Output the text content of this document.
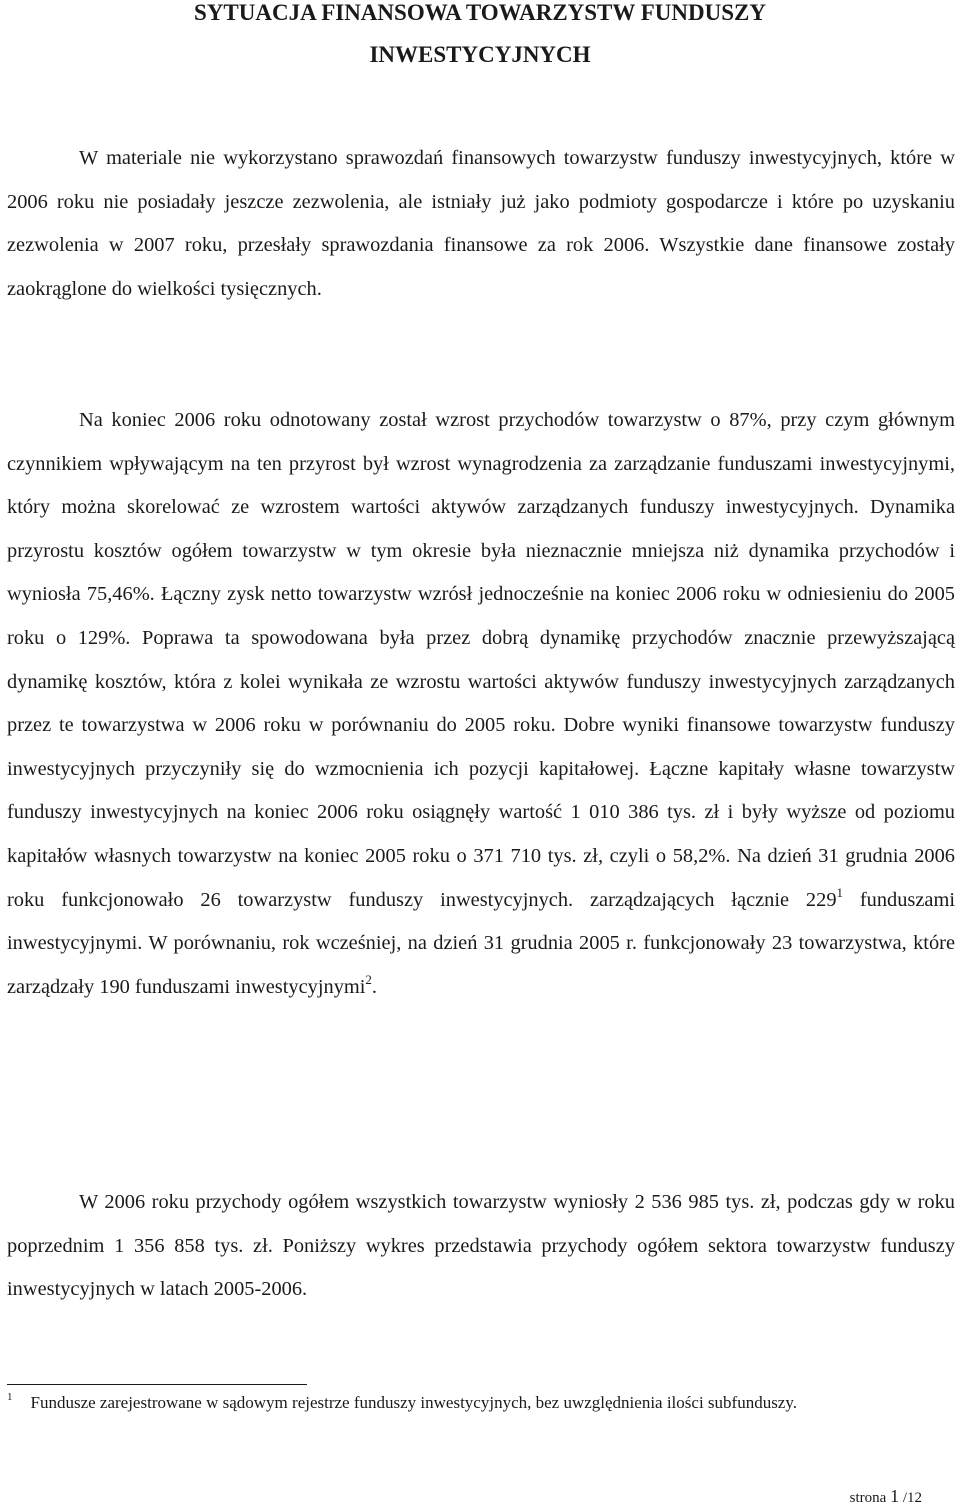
SYTUACJA FINANSOWA TOWARZYSTW FUNDUSZY
INWESTYCYJNYCH

W materiale nie wykorzystano sprawozdań finansowych towarzystw funduszy inwestycyjnych, które w 2006 roku nie posiadały jeszcze zezwolenia, ale istniały już jako podmioty gospodarcze i które po uzyskaniu zezwolenia w 2007 roku, przesłały sprawozdania finansowe za rok 2006. Wszystkie dane finansowe zostały zaokrąglone do wielkości tysięcznych.

Na koniec 2006 roku odnotowany został wzrost przychodów towarzystw o 87%, przy czym głównym czynnikiem wpływającym na ten przyrost był wzrost wynagrodzenia za zarządzanie funduszami inwestycyjnymi, który można skorelować ze wzrostem wartości aktywów zarządzanych funduszy inwestycyjnych. Dynamika przyrostu kosztów ogółem towarzystw w tym okresie była nieznacznie mniejsza niż dynamika przychodów i wyniosła 75,46%. Łączny zysk netto towarzystw wzrósł jednocześnie na koniec 2006 roku w odniesieniu do 2005 roku o 129%. Poprawa ta spowodowana była przez dobrą dynamikę przychodów znacznie przewyższającą dynamikę kosztów, która z kolei wynikała ze wzrostu wartości aktywów funduszy inwestycyjnych zarządzanych przez te towarzystwa w 2006 roku w porównaniu do 2005 roku. Dobre wyniki finansowe towarzystw funduszy inwestycyjnych przyczyniły się do wzmocnienia ich pozycji kapitałowej. Łączne kapitały własne towarzystw funduszy inwestycyjnych na koniec 2006 roku osiągnęły wartość 1 010 386 tys. zł i były wyższe od poziomu kapitałów własnych towarzystw na koniec 2005 roku o 371 710 tys. zł, czyli o 58,2%. Na dzień 31 grudnia 2006 roku funkcjonowało 26 towarzystw funduszy inwestycyjnych. zarządzających łącznie $229^1$ funduszami inwestycyjnymi. W porównaniu, rok wcześniej, na dzień 31 grudnia 2005 r. funkcjonowały 23 towarzystwa, które zarządzały 190 funduszami inwestycyjnymi$^2$.

W 2006 roku przychody ogółem wszystkich towarzystw wyniosły 2 536 985 tys. zł, podczas gdy w roku poprzednim 1 356 858 tys. zł. Poniższy wykres przedstawia przychody ogółem sektora towarzystw funduszy inwestycyjnych w latach 2005-2006.

$^1$ Fundusze zarejestrowane w sądowym rejestrze funduszy inwestycyjnych, bez uwzględnienia ilości subfunduszy.

strona 1 /12
